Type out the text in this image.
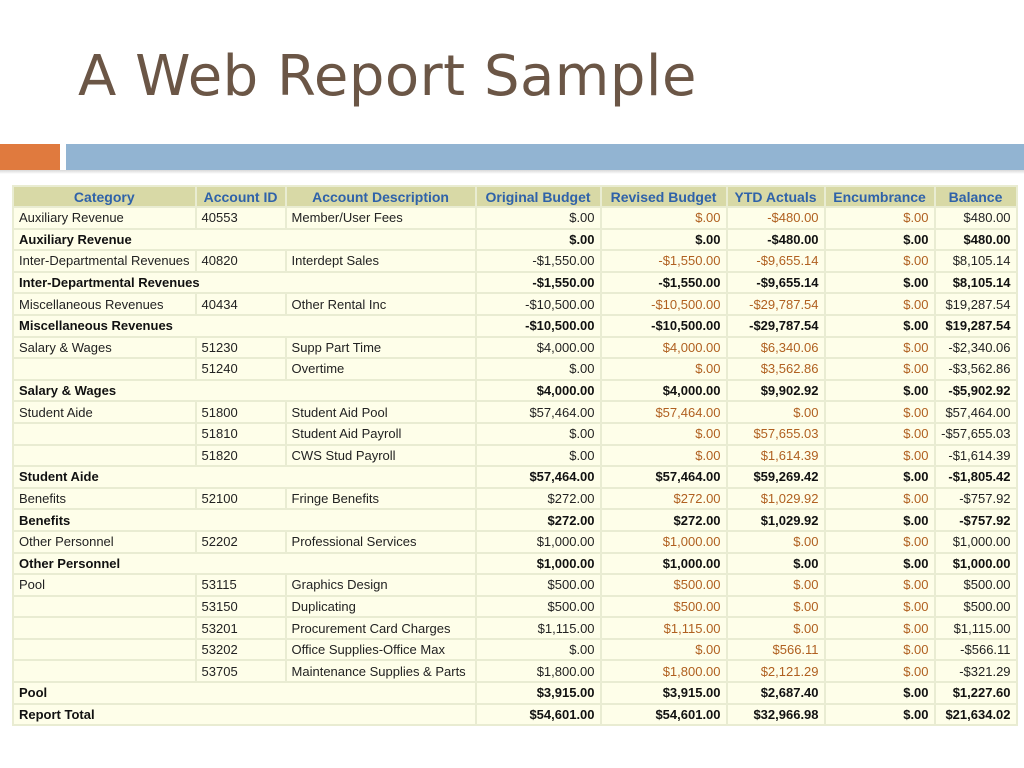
A Web Report Sample
Category	Account ID	Account Description	Original Budget	Revised Budget	YTD Actuals	Encumbrance	Balance
Auxiliary Revenue	40553	Member/User Fees	$.00	$.00	-$480.00	$.00	$480.00
Auxiliary Revenue			$.00	$.00	-$480.00	$.00	$480.00
Inter-Departmental Revenues	40820	Interdept Sales	-$1,550.00	-$1,550.00	-$9,655.14	$.00	$8,105.14
Inter-Departmental Revenues			-$1,550.00	-$1,550.00	-$9,655.14	$.00	$8,105.14
Miscellaneous Revenues	40434	Other Rental Inc	-$10,500.00	-$10,500.00	-$29,787.54	$.00	$19,287.54
Miscellaneous Revenues			-$10,500.00	-$10,500.00	-$29,787.54	$.00	$19,287.54
Salary & Wages	51230	Supp Part Time	$4,000.00	$4,000.00	$6,340.06	$.00	-$2,340.06
	51240	Overtime	$.00	$.00	$3,562.86	$.00	-$3,562.86
Salary & Wages			$4,000.00	$4,000.00	$9,902.92	$.00	-$5,902.92
Student Aide	51800	Student Aid Pool	$57,464.00	$57,464.00	$.00	$.00	$57,464.00
	51810	Student Aid Payroll	$.00	$.00	$57,655.03	$.00	-$57,655.03
	51820	CWS Stud Payroll	$.00	$.00	$1,614.39	$.00	-$1,614.39
Student Aide			$57,464.00	$57,464.00	$59,269.42	$.00	-$1,805.42
Benefits	52100	Fringe Benefits	$272.00	$272.00	$1,029.92	$.00	-$757.92
Benefits			$272.00	$272.00	$1,029.92	$.00	-$757.92
Other Personnel	52202	Professional Services	$1,000.00	$1,000.00	$.00	$.00	$1,000.00
Other Personnel			$1,000.00	$1,000.00	$.00	$.00	$1,000.00
Pool	53115	Graphics Design	$500.00	$500.00	$.00	$.00	$500.00
	53150	Duplicating	$500.00	$500.00	$.00	$.00	$500.00
	53201	Procurement Card Charges	$1,115.00	$1,115.00	$.00	$.00	$1,115.00
	53202	Office Supplies-Office Max	$.00	$.00	$566.11	$.00	-$566.11
	53705	Maintenance Supplies & Parts	$1,800.00	$1,800.00	$2,121.29	$.00	-$321.29
Pool			$3,915.00	$3,915.00	$2,687.40	$.00	$1,227.60
Report Total			$54,601.00	$54,601.00	$32,966.98	$.00	$21,634.02
